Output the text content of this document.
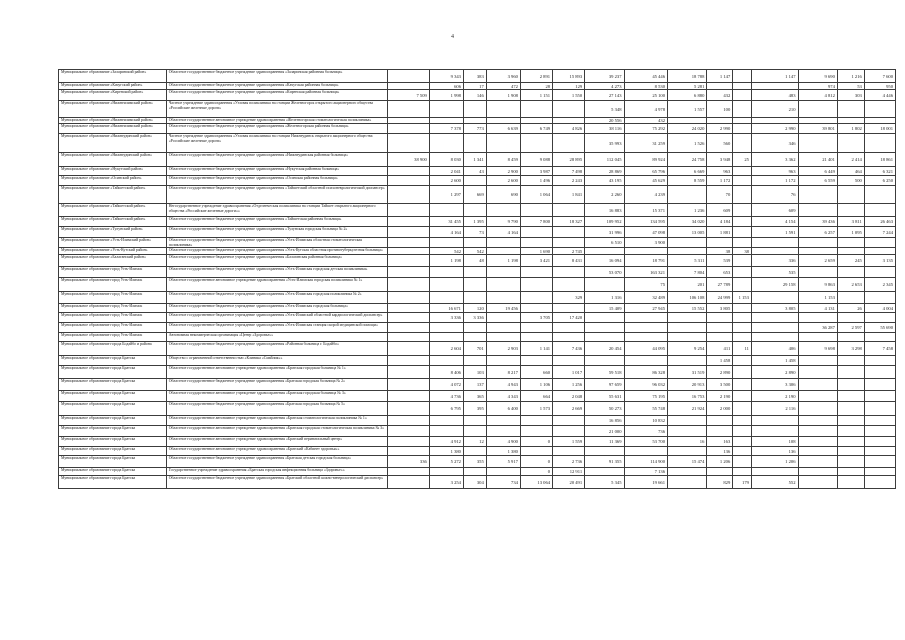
4
Муниципальное образование «Заларинский район»	Областное государственное бюджетное учреждение здравоохранения «Заларинская районная больница»		9 343	383	3 960	2 891	15 893	39 237	45 446	18 788	1 147		1 147	9 690	1 216	7 600
Муниципальное образование «Качугский район»	Областное государственное бюджетное учреждение здравоохранения «Качугская районная больница»		606	17	472	28	129	4 273	8 530	5 281				974	53	950
Муниципальное образование «Киренский район»	Областное государственное бюджетное учреждение здравоохранения «Киренская районная больница»	7 509	1 998	146	1 908	1 151	1 550	27 143	25 100	6 880	432		483	4 812	303	4 446
Муниципальное образование «Нижнеилимский район»	Частное учреждение здравоохранения «Узловая поликлиника на станции Железногорск открытого акционерного общества «Российские железные дороги»							5 348	4 978	1 557	100		210			
Муниципальное образование «Нижнеилимский район»	Областное государственное автономное учреждение здравоохранения «Железногорская стоматологическая поликлиника»							20 556	432							
Муниципальное образование «Нижнеилимский район»	Областное государственное бюджетное учреждение здравоохранения «Железногорская районная больница»		7 378	773	6 639	6 749	4 826	38 116	75 292	24 020	2 990		2 990	39 801	1 802	18 001
Муниципальное образование «Нижнеудинский район»	Частное учреждение здравоохранения «Узловая поликлиника на станции Нижнеудинск открытого акционерного общества «Российские железные дороги»							35 993	31 259	1 526	560		346			
Муниципальное образование «Нижнеудинский район»	Областное государственное бюджетное учреждение здравоохранения «Нижнеудинская районная больница»	38 900	8 030	1 341	8 459	9 088	28 895	112 045	89 924	24 758	3 948	25	3 362	21 401	2 414	18 861
Муниципальное образование «Нукутский район»	Областное государственное бюджетное учреждение здравоохранения «Нукутская районная больница»		2 041	43	2 900	3 987	7 498	28 869	65 796	6 669	963		963	6 449	464	6 321
Муниципальное образование «Осинский район»	Областное государственное бюджетное учреждение здравоохранения «Осинская районная больница»		2 600		2 600	1 496	2 243	43 195	45 629	8 559	1 172		1 172	6 559	500	6 250
Муниципальное образование «Тайшетский район»	Областное государственное бюджетное учреждение здравоохранения «Тайшетский областной психоневрологический диспансер»		1 297	669	690	1 064	1 841	2 260	4 239		70		76			
Муниципальное образование «Тайшетский район»	Негосударственное учреждение здравоохранения «Отделенческая поликлиника на станции Тайшет открытого акционерного общества «Российские железные дороги»»							16 883	15 371	1 236	609		609			
Муниципальное образование «Тайшетский район»	Областное государственное бюджетное учреждение здравоохранения «Тайшетская районная больница»		31 455	1 395	9 790	7 800	18 327	109 952	134 595	34 020	4 184		4 154	39 436	3 811	26 463
Муниципальное образование «Тулунский район»	Областное государственное бюджетное учреждение здравоохранения «Тулунская городская больница № 2»		4 164	73	4 164			31 996	47 098	13 005	1 881		1 591	6 257	1 095	7 244
Муниципальное образование «Усть-Илимский район»	Областное государственное бюджетное учреждение здравоохранения «Усть-Илимская областная стоматологическая поликлиника»							6 510	3 900							
Муниципальное образование «Усть-Кутский район»	Областное государственное бюджетное учреждение здравоохранения «Усть-Кутская областная противотуберкулезная больница»		542	542		1 690	2 745				38	38				
Муниципальное образование «Балаганский район»	Областное государственное бюджетное учреждение здравоохранения «Балаганская районная больница»		1 198	48	1 198	3 421	8 431	16 094	18 791	5 311	539		336	2 659	245	3 135
Муниципальное образование город Усть-Илимск	Областное государственное бюджетное учреждение здравоохранения «Усть-Илимская городская детская поликлиника»							53 070	163 321	7 804	653		535			
Муниципальное образование город Усть-Илимск	Областное государственное автономное учреждение здравоохранения «Усть-Илимская городская поликлиника № 1»								75	201	27 789		29 158	9 863	2 653	2 345
Муниципальное образование город Усть-Илимск	Областное государственное бюджетное учреждение здравоохранения «Усть-Илимская городская поликлиника № 2»						329	1 316	32 489	106 108	24 999	1 153		1 153		
Муниципальное образование город Усть-Илимск	Областное государственное бюджетное учреждение здравоохранения «Усть-Илимская городская больница»		16 671	120	19 456			15 409	27 945	15 552	3 805		3 805	4 131	26	4 004
Муниципальное образование город Усть-Илимск	Областное государственное бюджетное учреждение здравоохранения «Усть-Илимский областной кардиологический диспансер»		3 336	3 336		3 705	17 420									
Муниципальное образование город Усть-Илимск	Областное государственное бюджетное учреждение здравоохранения «Усть-Илимская станция скорой медицинской помощи»													36 287	2 597	55 690
Муниципальное образование город Усть-Илимск	Автономная некоммерческая организация «Центр «Здоровье»»															
Муниципальное образование города Бодайбо и района	Областное государственное бюджетное учреждение здравоохранения «Районная больница г. Бодайбо»		2 604	701	2 903	1 141	7 436	20 454	44 095	9 254	411	11	406	9 698	3 298	7 458
Муниципальное образование города Братска	Общество с ограниченной ответственностью «Клиника «Смайлик»»										1 458		1 458			
Муниципальное образование города Братска	Областное государственное автономное учреждение здравоохранения «Братская городская больница № 1»		8 406	103	8 217	660	1 017	59 518	86 328	31 519	2 890		2 890			
Муниципальное образование города Братска	Областное государственное бюджетное учреждение здравоохранения «Братская городская больница № 2»		4 072	137	4 943	1 106	1 256	97 659	96 032	20 913	3 500		3 306			
Муниципальное образование города Братска	Областное государственное автономное учреждение здравоохранения «Братская городская больница № 3»		4 736	365	4 343	664	2 048	55 631	75 195	16 753	2 190		2 190			
Муниципальное образование города Братска	Областное государственное бюджетное учреждение здравоохранения «Братская городская больница № 5»		6 795	395	6 400	1 573	2 669	50 273	55 748	21 924	2 000		2 116			
Муниципальное образование города Братска	Областное государственное автономное учреждение здравоохранения «Братская стоматологическая поликлиника № 1»							16 856	10 832							
Муниципальное образование города Братска	Областное государственное автономное учреждение здравоохранения «Братская городская стоматологическая поликлиника № 3»							21 000	736							
Муниципальное образование города Братска	Областное государственное автономное учреждение здравоохранения «Братский перинатальный центр»		4 912	12	4 900	0	1 559	11 369	53 700	16	163		108			
Муниципальное образование города Братска	Областное государственное автономное учреждение здравоохранения «Братский «Кабинет здоровья»»		1 380		1 380						136		136			
Муниципальное образование города Братска	Областное государственное бюджетное учреждение здравоохранения «Братская детская городская больница»	336	5 272	355	5 917	0	2 736	91 355	114 900	15 474	1 206		1 206			
Муниципальное образование города Братска	Государственное учреждение здравоохранения «Братская городская инфекционная больница «Здоровье»»					0	12 911		7 136							
Муниципальное образование города Братска	Областное государственное бюджетное учреждение здравоохранения «Братский областной кожно-венерологический диспансер»		3 254	304	734	13 064	20 491	5 345	19 661		829	179	552			
